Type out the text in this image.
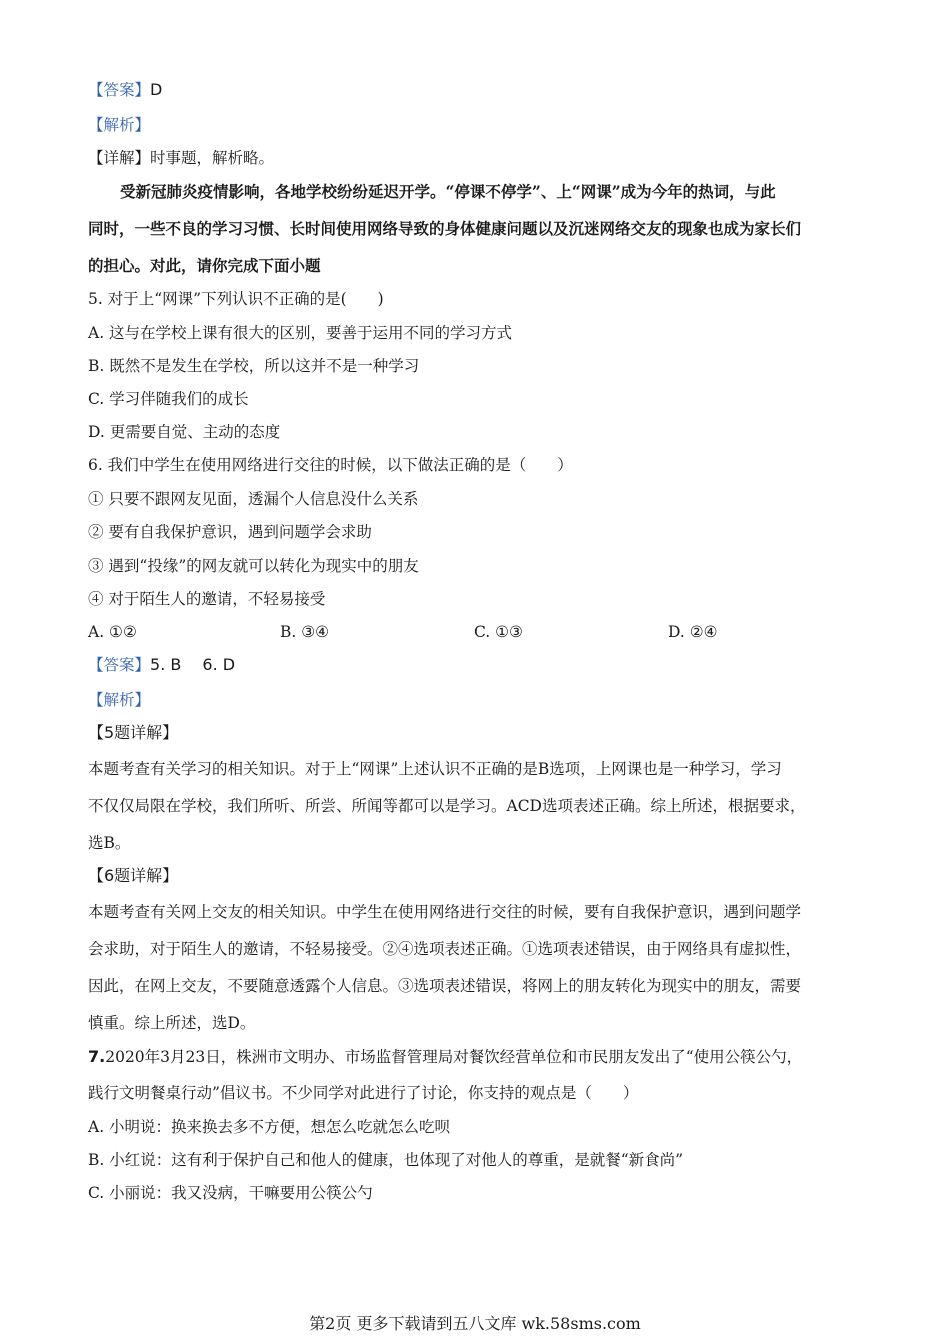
【答案】D
【解析】
【详解】时事题，解析略。
受新冠肺炎疫情影响，各地学校纷纷延迟开学。“停课不停学”、上“网课”成为今年的热词，与此
同时，一些不良的学习习惯、长时间使用网络导致的身体健康问题以及沉迷网络交友的现象也成为家长们
的担心。对此，请你完成下面小题
5. 对于上“网课”下列认识不正确的是(　　)
A. 这与在学校上课有很大的区别，要善于运用不同的学习方式
B. 既然不是发生在学校，所以这并不是一种学习
C. 学习伴随我们的成长
D. 更需要自觉、主动的态度
6. 我们中学生在使用网络进行交往的时候，以下做法正确的是（　　）
① 只要不跟网友见面，透漏个人信息没什么关系
② 要有自我保护意识，遇到问题学会求助
③ 遇到“投缘”的网友就可以转化为现实中的朋友
④ 对于陌生人的邀请，不轻易接受
A. ①②	B. ③④	C. ①③	D. ②④
【答案】5. B　 6. D
【解析】
【5题详解】
本题考查有关学习的相关知识。对于上“网课”上述认识不正确的是B选项，上网课也是一种学习，学习
不仅仅局限在学校，我们所听、所尝、所闻等都可以是学习。ACD选项表述正确。综上所述，根据要求，
选B。
【6题详解】
本题考查有关网上交友的相关知识。中学生在使用网络进行交往的时候，要有自我保护意识，遇到问题学
会求助，对于陌生人的邀请，不轻易接受。②④选项表述正确。①选项表述错误，由于网络具有虚拟性，
因此，在网上交友，不要随意透露个人信息。③选项表述错误，将网上的朋友转化为现实中的朋友，需要
慎重。综上所述，选D。
7.2020年3月23日，株洲市文明办、市场监督管理局对餐饮经营单位和市民朋友发出了“使用公筷公勺，
践行文明餐桌行动”倡议书。不少同学对此进行了讨论，你支持的观点是（　　）
A. 小明说：换来换去多不方便，想怎么吃就怎么吃呗
B. 小红说：这有利于保护自己和他人的健康，也体现了对他人的尊重，是就餐“新食尚”
C. 小丽说：我又没病，干嘛要用公筷公勺
第2页 更多下载请到五八文库 wk.58sms.com
